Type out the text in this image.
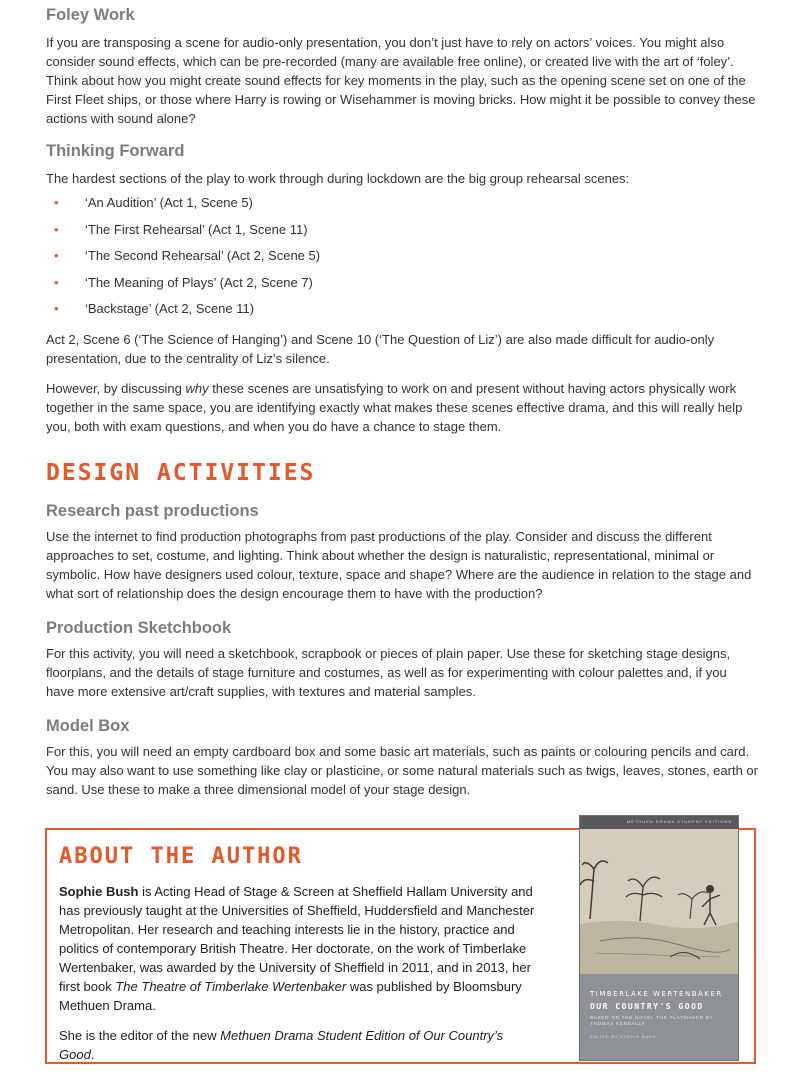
Foley Work

If you are transposing a scene for audio-only presentation, you don’t just have to rely on actors’ voices. You might also consider sound effects, which can be pre-recorded (many are available free online), or created live with the art of ‘foley’. Think about how you might create sound effects for key moments in the play, such as the opening scene set on one of the First Fleet ships, or those where Harry is rowing or Wisehammer is moving bricks. How might it be possible to convey these actions with sound alone?

Thinking Forward

The hardest sections of the play to work through during lockdown are the big group rehearsal scenes:

• ‘An Audition’ (Act 1, Scene 5)
• ‘The First Rehearsal’ (Act 1, Scene 11)
• ‘The Second Rehearsal’ (Act 2, Scene 5)
• ‘The Meaning of Plays’ (Act 2, Scene 7)
• ‘Backstage’ (Act 2, Scene 11)

Act 2, Scene 6 (‘The Science of Hanging’) and Scene 10 (‘The Question of Liz’) are also made difficult for audio-only presentation, due to the centrality of Liz’s silence.

However, by discussing why these scenes are unsatisfying to work on and present without having actors physically work together in the same space, you are identifying exactly what makes these scenes effective drama, and this will really help you, both with exam questions, and when you do have a chance to stage them.

DESIGN ACTIVITIES
Research past productions

Use the internet to find production photographs from past productions of the play. Consider and discuss the different approaches to set, costume, and lighting. Think about whether the design is naturalistic, representational, minimal or symbolic. How have designers used colour, texture, space and shape? Where are the audience in relation to the stage and what sort of relationship does the design encourage them to have with the production?

Production Sketchbook

For this activity, you will need a sketchbook, scrapbook or pieces of plain paper. Use these for sketching stage designs, floorplans, and the details of stage furniture and costumes, as well as for experimenting with colour palettes and, if you have more extensive art/craft supplies, with textures and material samples.

Model Box

For this, you will need an empty cardboard box and some basic art materials, such as paints or colouring pencils and card. You may also want to use something like clay or plasticine, or some natural materials such as twigs, leaves, stones, earth or sand. Use these to make a three dimensional model of your stage design.

ABOUT THE AUTHOR

Sophie Bush is Acting Head of Stage & Screen at Sheffield Hallam University and has previously taught at the Universities of Sheffield, Huddersfield and Manchester Metropolitan. Her research and teaching interests lie in the history, practice and politics of contemporary British Theatre. Her doctorate, on the work of Timberlake Wertenbaker, was awarded by the University of Sheffield in 2011, and in 2013, her first book The Theatre of Timberlake Wertenbaker was published by Bloomsbury Methuen Drama.

She is the editor of the new Methuen Drama Student Edition of Our Country’s Good.

METHUEN DRAMA STUDENT EDITIONS
TIMBERLAKE WERTENBAKER
OUR COUNTRY'S GOOD
BASED ON THE NOVEL THE PLAYMAKER BY THOMAS KENEALLY
EDITED BY SOPHIE BUSH
